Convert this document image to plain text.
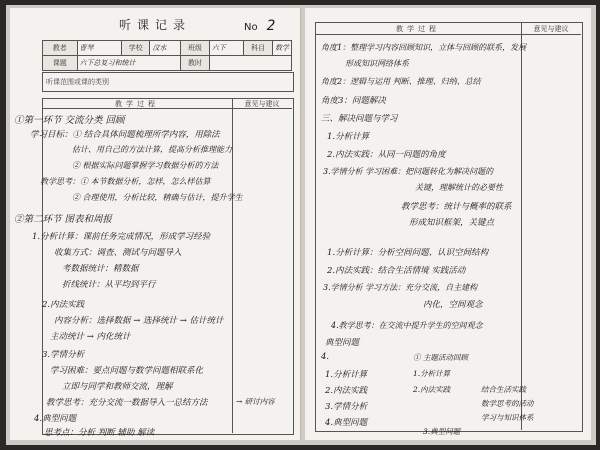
听课记录	No 2
教者	曹琴	学校	汶水	班级	六下	科目	数学
课题	六下总复习和统计			教时			
听课范围或课的类别
教学过程	意见与建议
①第一环节 交流分类 回顾
学习目标：① 结合具体问题梳理所学内容，用除法
估计、用自己的方法计算，提高分析推理能力
② 根据实际问题掌握学习数据分析的方法
教学思考：① 本节数据分析，怎样，怎么样估算
② 合理使用，分析比较，精确与估计，提升学生
②第二环节 图表和周报
1.分析计算：课前任务完成情况，形成学习经验
收集方式：调查、测试与问题导入
考数据统计：精数据
折线统计：从平均到平行
2.内法实践
内容分析：选择数据 → 选择统计 → 估计统计
主动统计 → 内化统计
3.学情分析
学习困难：要点问题与数学问题相联系化
立即与同学和教师交流，理解
教学思考：充分交流一数据导入一总结方法
4.典型问题
思考点：分析 判断 辅助 解读
→ 研讨内容
教学过程	意见与建议
角度1：整理学习内容回顾知识，立体与回顾的联系，发展
形成知识网络体系
角度2：逻辑与运用 判断、推理、归纳、总结
角度3：问题解决
三、解决问题与学习
1.分析计算
2.内法实践：从同一问题的角度
3.学情分析 学习困难：把问题转化为解决问题的
关键，理解统计的必要性
教学思考：统计与概率的联系
形成知识框架，关键点
1.分析计算：分析空间问题、认识空间结构
2.内法实践：结合生活情境 实践活动
3.学情分析 学习方法：充分交流，自主建构
内化，空间观念
4.教学思考：在交流中提升学生的空间观念
典型问题
4.
1.分析计算
2.内法实践
3.学情分析
4.典型问题
① 主题活动回顾
1.分析计算
2.内法实践	结合生活实践
数学思考的活动
学习与知识体系
3.典型问题
